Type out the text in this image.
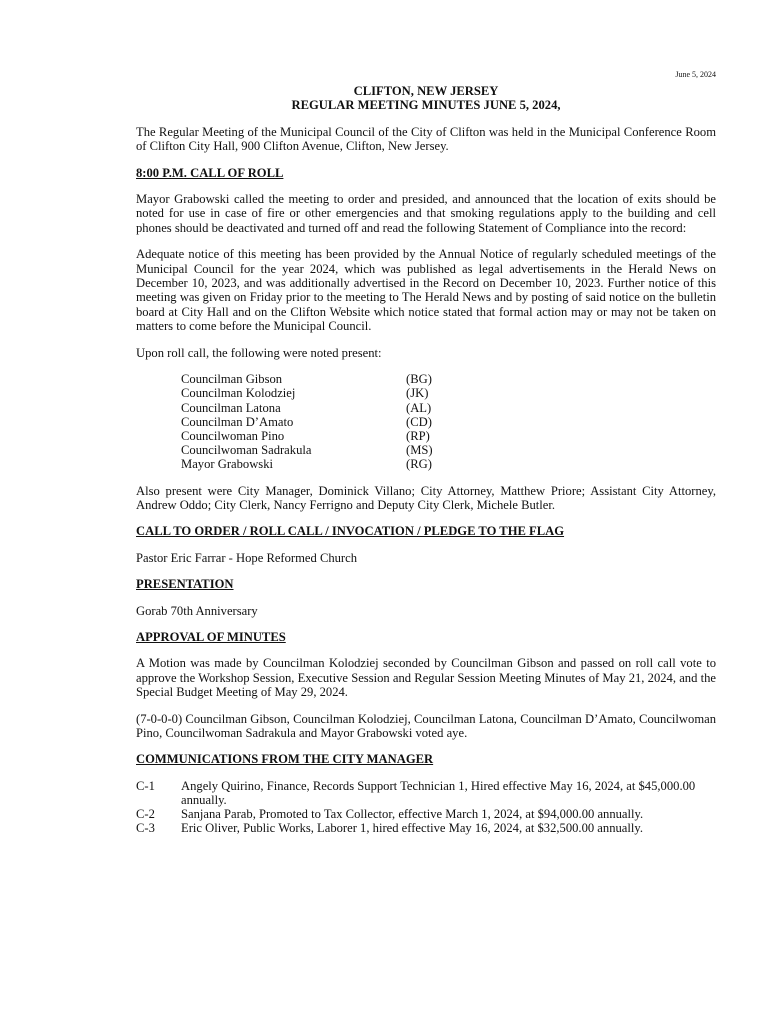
June 5, 2024
CLIFTON, NEW JERSEY
REGULAR MEETING MINUTES JUNE 5, 2024,

The Regular Meeting of the Municipal Council of the City of Clifton was held in the Municipal Conference Room of Clifton City Hall, 900 Clifton Avenue, Clifton, New Jersey.

8:00 P.M. CALL OF ROLL

Mayor Grabowski called the meeting to order and presided, and announced that the location of exits should be noted for use in case of fire or other emergencies and that smoking regulations apply to the building and cell phones should be deactivated and turned off and read the following Statement of Compliance into the record:

Adequate notice of this meeting has been provided by the Annual Notice of regularly scheduled meetings of the Municipal Council for the year 2024, which was published as legal advertisements in the Herald News on December 10, 2023, and was additionally advertised in the Record on December 10, 2023. Further notice of this meeting was given on Friday prior to the meeting to The Herald News and by posting of said notice on the bulletin board at City Hall and on the Clifton Website which notice stated that formal action may or may not be taken on matters to come before the Municipal Council.

Upon roll call, the following were noted present:

Councilman Gibson	(BG)
Councilman Kolodziej	(JK)
Councilman Latona	(AL)
Councilman D’Amato	(CD)
Councilwoman Pino	(RP)
Councilwoman Sadrakula	(MS)
Mayor Grabowski	(RG)

Also present were City Manager, Dominick Villano; City Attorney, Matthew Priore; Assistant City Attorney, Andrew Oddo; City Clerk, Nancy Ferrigno and Deputy City Clerk, Michele Butler.

CALL TO ORDER / ROLL CALL / INVOCATION / PLEDGE TO THE FLAG

Pastor Eric Farrar - Hope Reformed Church

PRESENTATION

Gorab 70th Anniversary

APPROVAL OF MINUTES

A Motion was made by Councilman Kolodziej seconded by Councilman Gibson and passed on roll call vote to approve the Workshop Session, Executive Session and Regular Session Meeting Minutes of May 21, 2024, and the Special Budget Meeting of May 29, 2024.

(7-0-0-0) Councilman Gibson, Councilman Kolodziej, Councilman Latona, Councilman D’Amato, Councilwoman Pino, Councilwoman Sadrakula and Mayor Grabowski voted aye.

COMMUNICATIONS FROM THE CITY MANAGER
C-1	Angely Quirino, Finance, Records Support Technician 1, Hired effective May 16, 2024, at $45,000.00 annually.
C-2	Sanjana Parab, Promoted to Tax Collector, effective March 1, 2024, at $94,000.00 annually.
C-3	Eric Oliver, Public Works, Laborer 1, hired effective May 16, 2024, at $32,500.00 annually.
